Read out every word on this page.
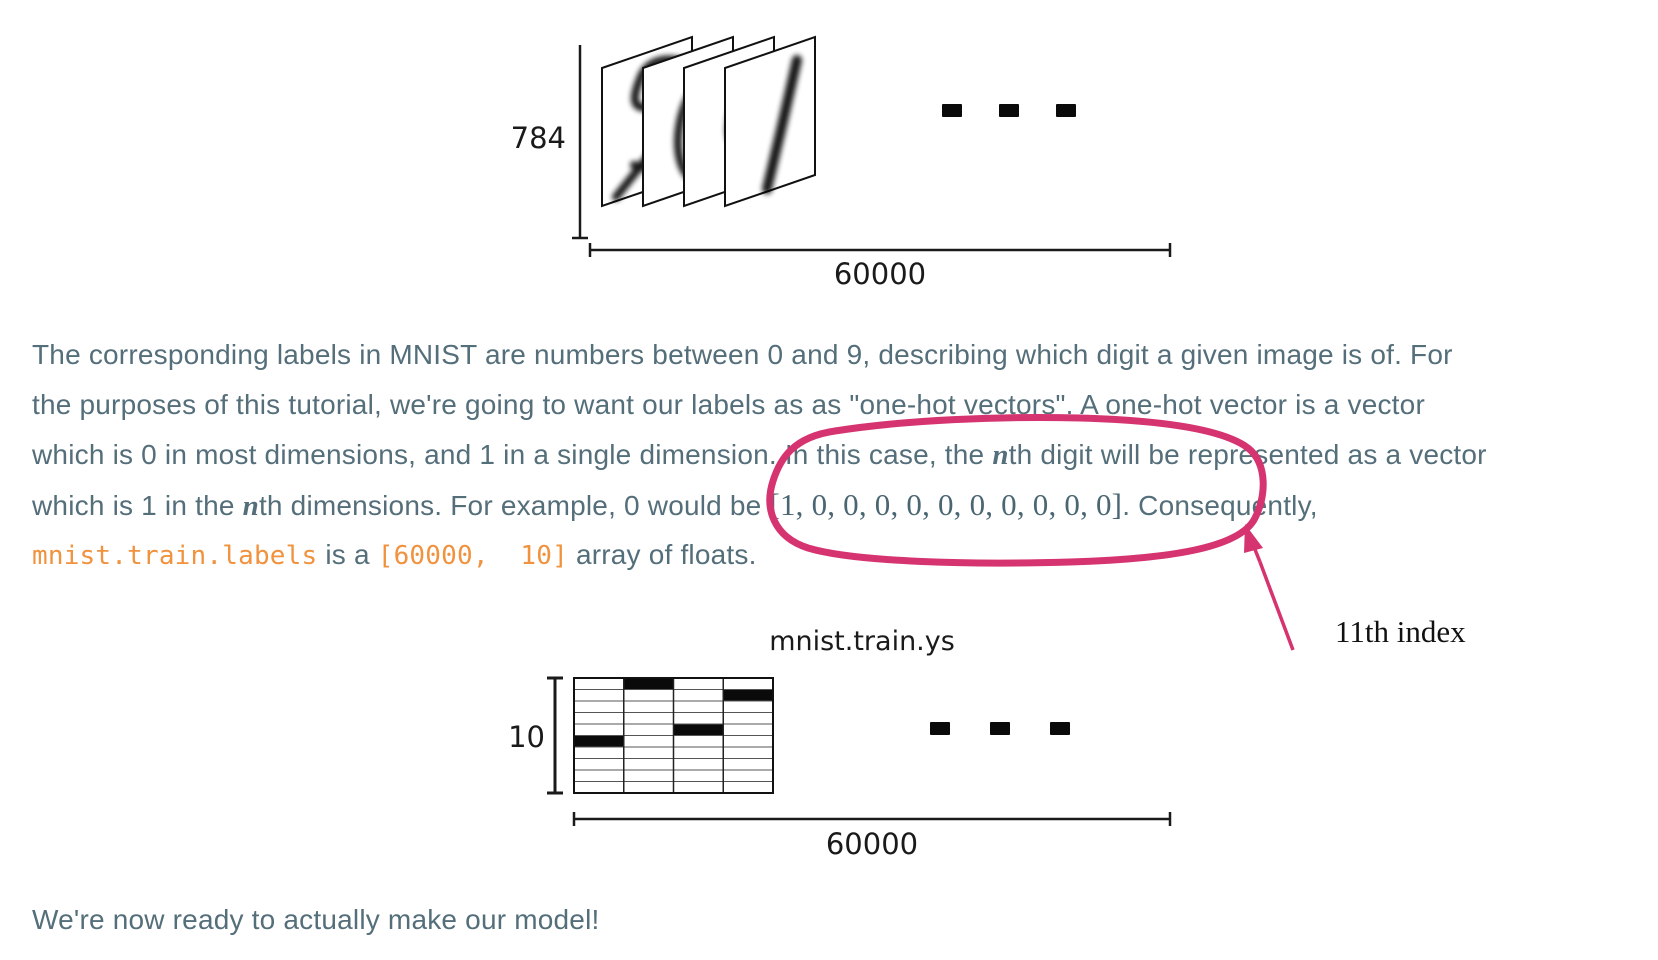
784
60000
The corresponding labels in MNIST are numbers between 0 and 9, describing which digit a given image is of. For
the purposes of this tutorial, we're going to want our labels as as "one-hot vectors". A one-hot vector is a vector
which is 0 in most dimensions, and 1 in a single dimension. In this case, the nth digit will be represented as a vector
which is 1 in the nth dimensions. For example, 0 would be [1, 0, 0, 0, 0, 0, 0, 0, 0, 0, 0]. Consequently,
mnist.train.labels is a [60000,  10] array of floats.
11th index
mnist.train.ys
10
60000
We're now ready to actually make our model!
